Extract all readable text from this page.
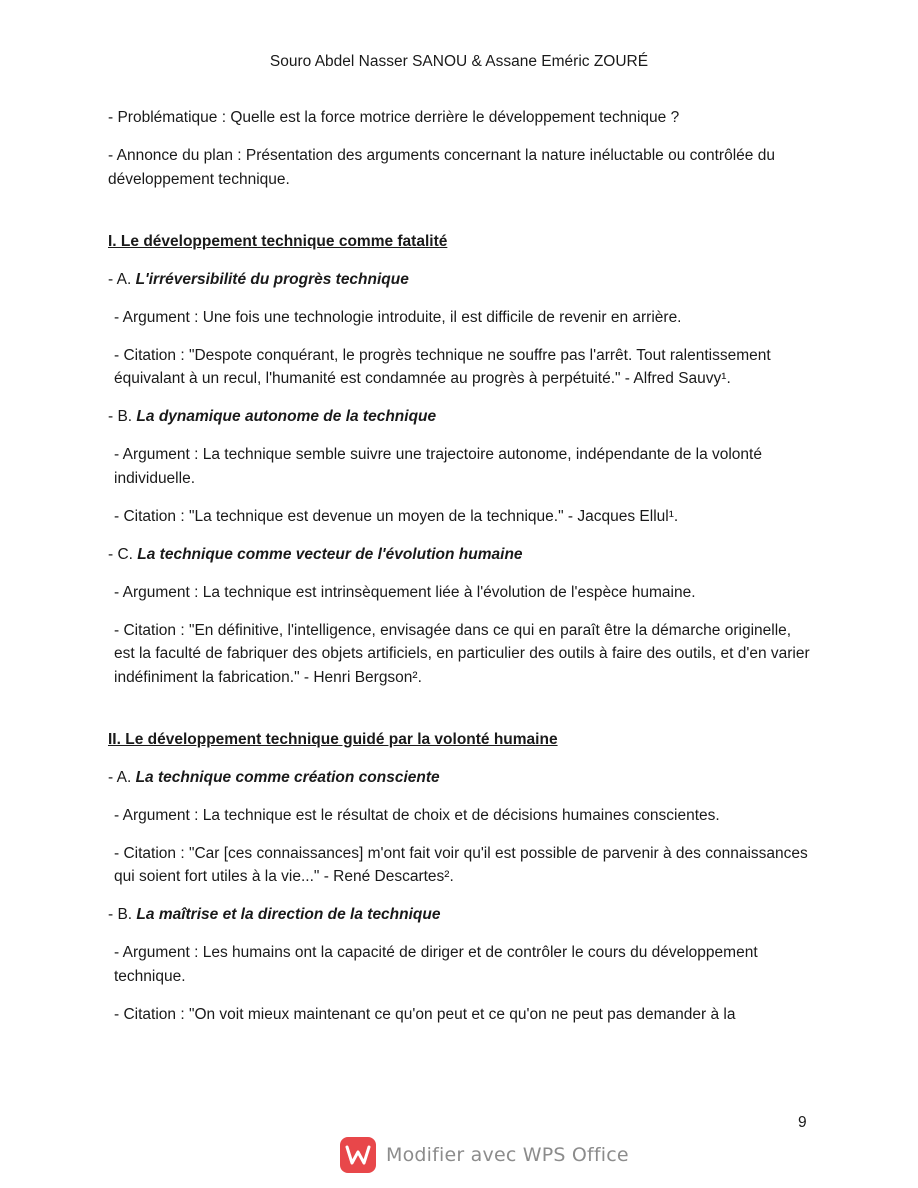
Souro Abdel Nasser SANOU & Assane Eméric ZOURÉ

- Problématique : Quelle est la force motrice derrière le développement technique ?

- Annonce du plan : Présentation des arguments concernant la nature inéluctable ou contrôlée du développement technique.

I. Le développement technique comme fatalité

- A. L'irréversibilité du progrès technique

- Argument : Une fois une technologie introduite, il est difficile de revenir en arrière.

- Citation : "Despote conquérant, le progrès technique ne souffre pas l'arrêt. Tout ralentissement équivalant à un recul, l'humanité est condamnée au progrès à perpétuité." - Alfred Sauvy¹.

- B. La dynamique autonome de la technique

- Argument : La technique semble suivre une trajectoire autonome, indépendante de la volonté individuelle.

- Citation : "La technique est devenue un moyen de la technique." - Jacques Ellul¹.

- C. La technique comme vecteur de l'évolution humaine

- Argument : La technique est intrinsèquement liée à l'évolution de l'espèce humaine.

- Citation : "En définitive, l'intelligence, envisagée dans ce qui en paraît être la démarche originelle, est la faculté de fabriquer des objets artificiels, en particulier des outils à faire des outils, et d'en varier indéfiniment la fabrication." - Henri Bergson².

II. Le développement technique guidé par la volonté humaine

- A. La technique comme création consciente

- Argument : La technique est le résultat de choix et de décisions humaines conscientes.

- Citation : "Car [ces connaissances] m'ont fait voir qu'il est possible de parvenir à des connaissances qui soient fort utiles à la vie..." - René Descartes².

- B. La maîtrise et la direction de la technique

- Argument : Les humains ont la capacité de diriger et de contrôler le cours du développement technique.

- Citation : "On voit mieux maintenant ce qu'on peut et ce qu'on ne peut pas demander à la

9
Modifier avec WPS Office
